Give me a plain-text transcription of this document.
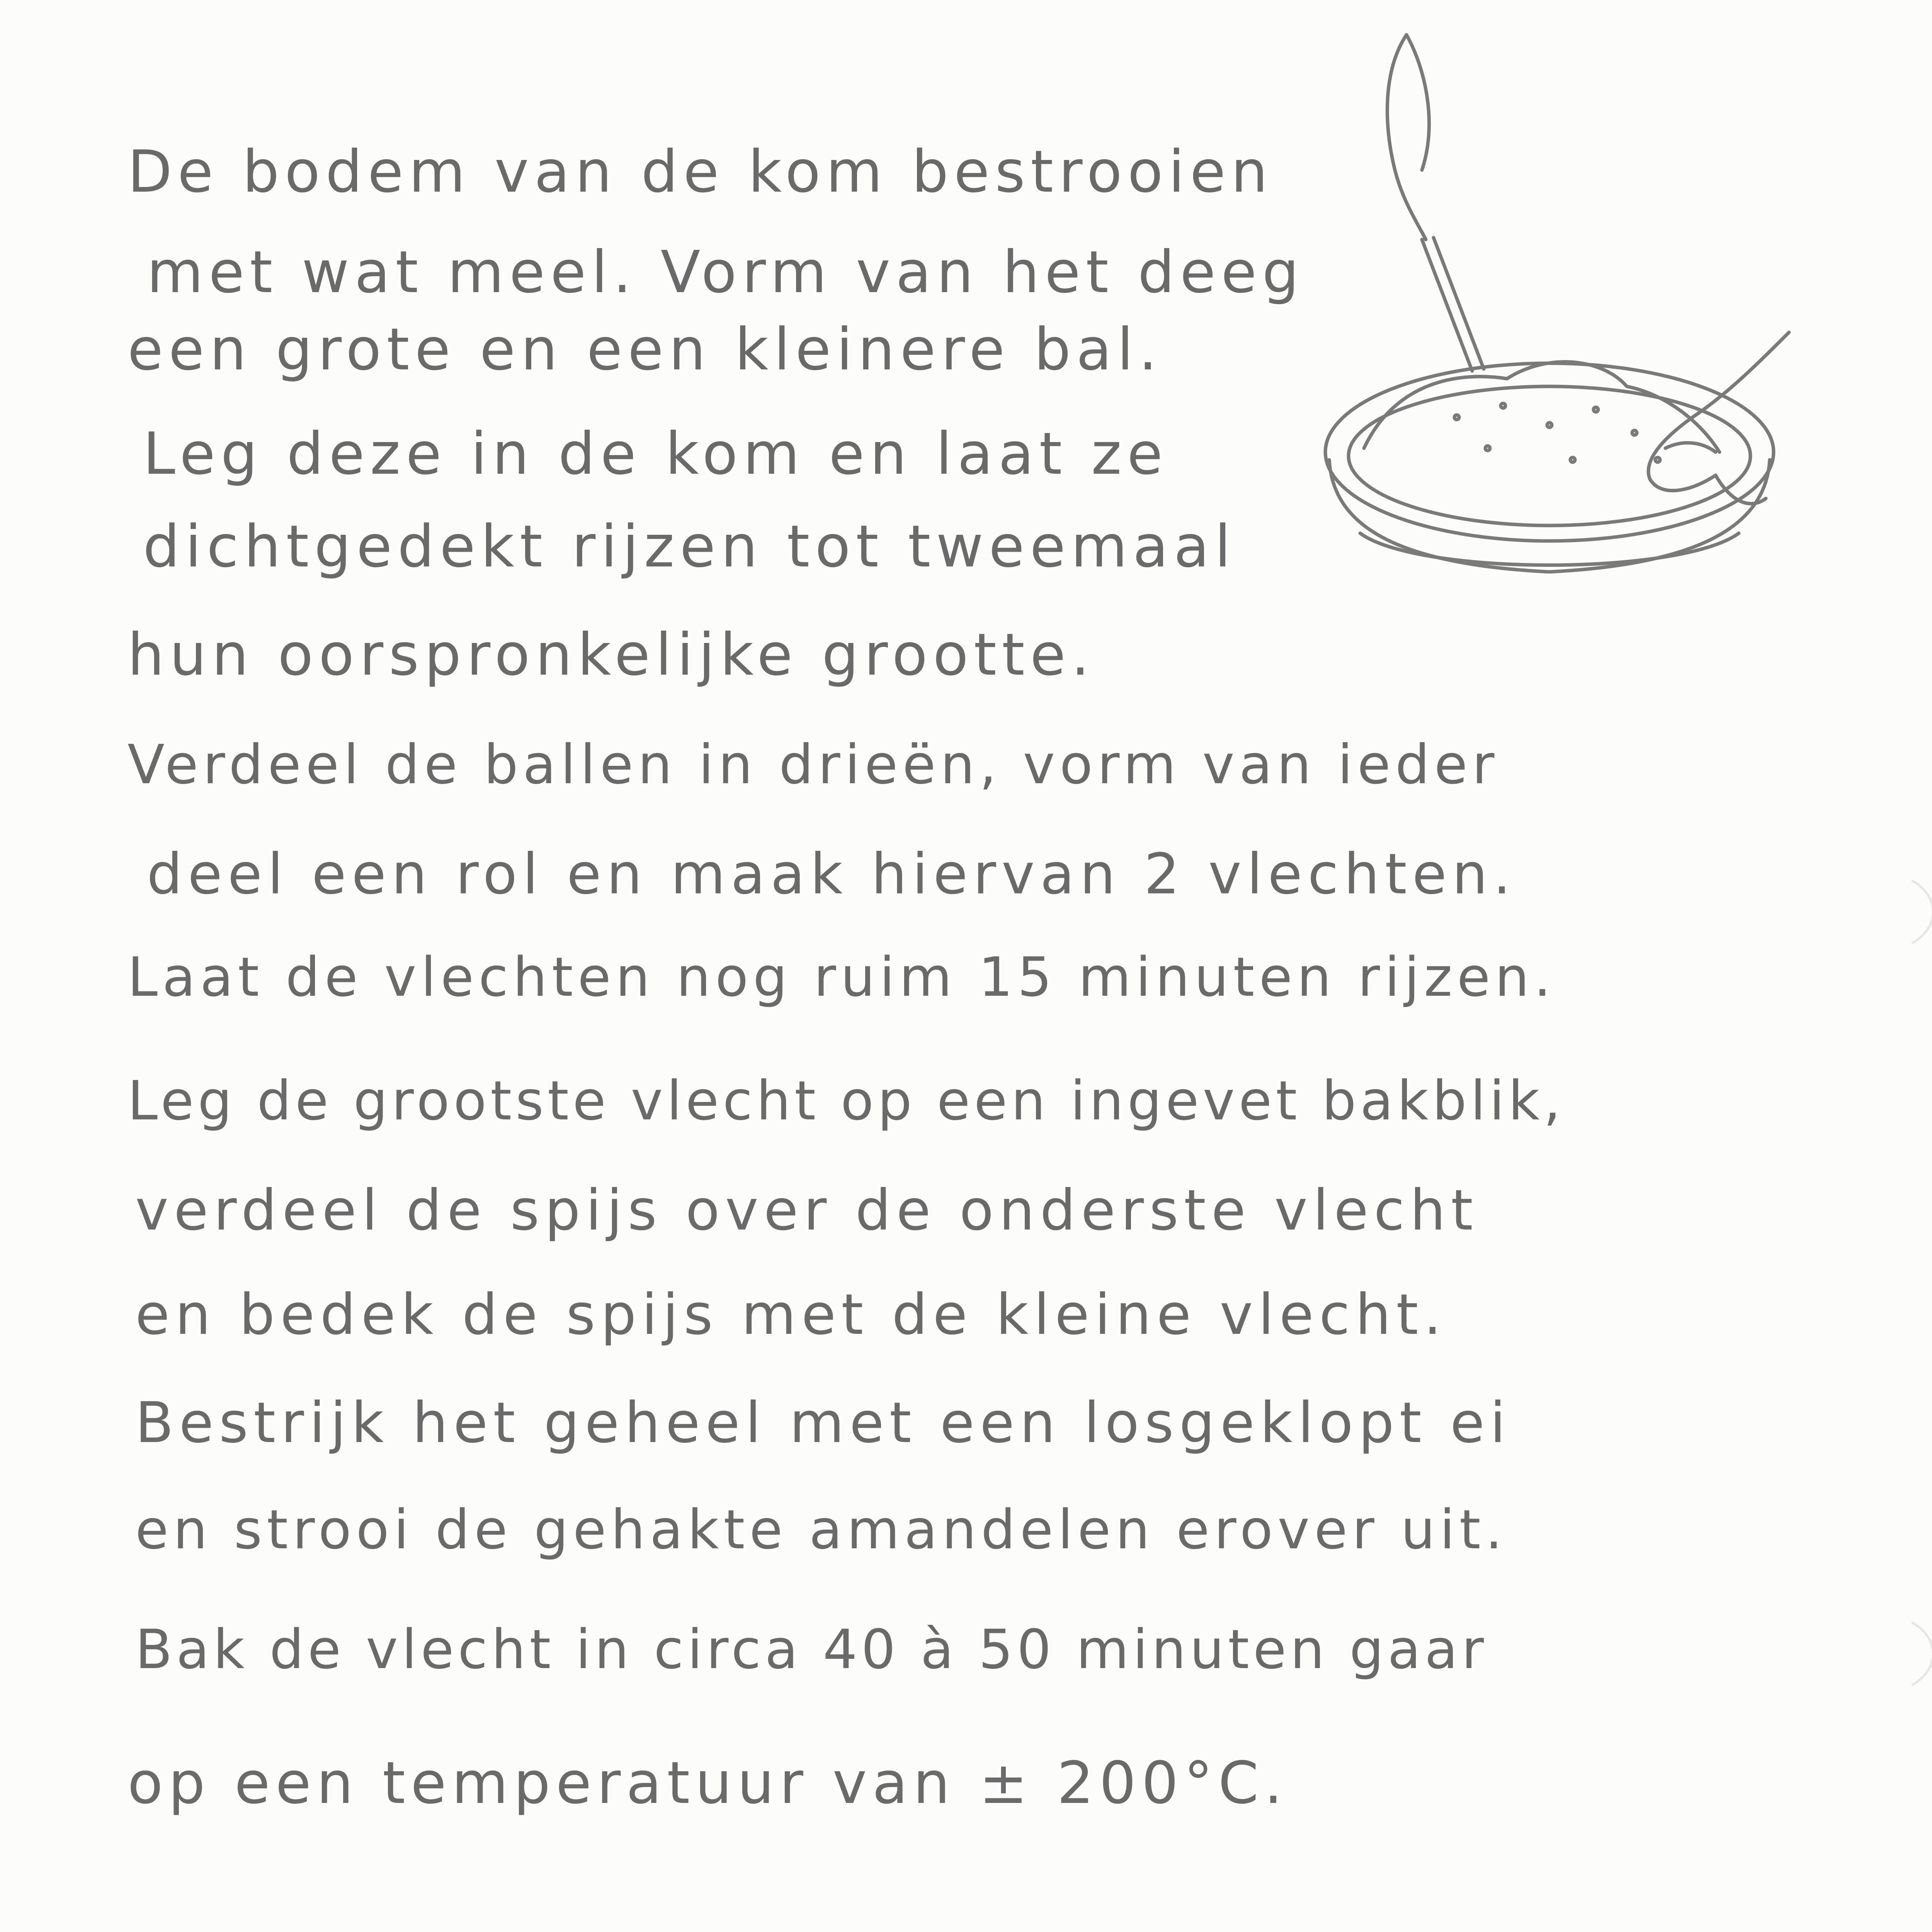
De bodem van de kom bestrooien
met wat meel. Vorm van het deeg
een grote en een kleinere bal.
Leg deze in de kom en laat ze
dichtgedekt rijzen tot tweemaal
hun oorspronkelijke grootte.
Verdeel de ballen in drieën, vorm van ieder
deel een rol en maak hiervan 2 vlechten.
Laat de vlechten nog ruim 15 minuten rijzen.
Leg de grootste vlecht op een ingevet bakblik,
verdeel de spijs over de onderste vlecht
en bedek de spijs met de kleine vlecht.
Bestrijk het geheel met een losgeklopt ei
en strooi de gehakte amandelen erover uit.
Bak de vlecht in circa 40 à 50 minuten gaar
op een temperatuur van ± 200°C.
